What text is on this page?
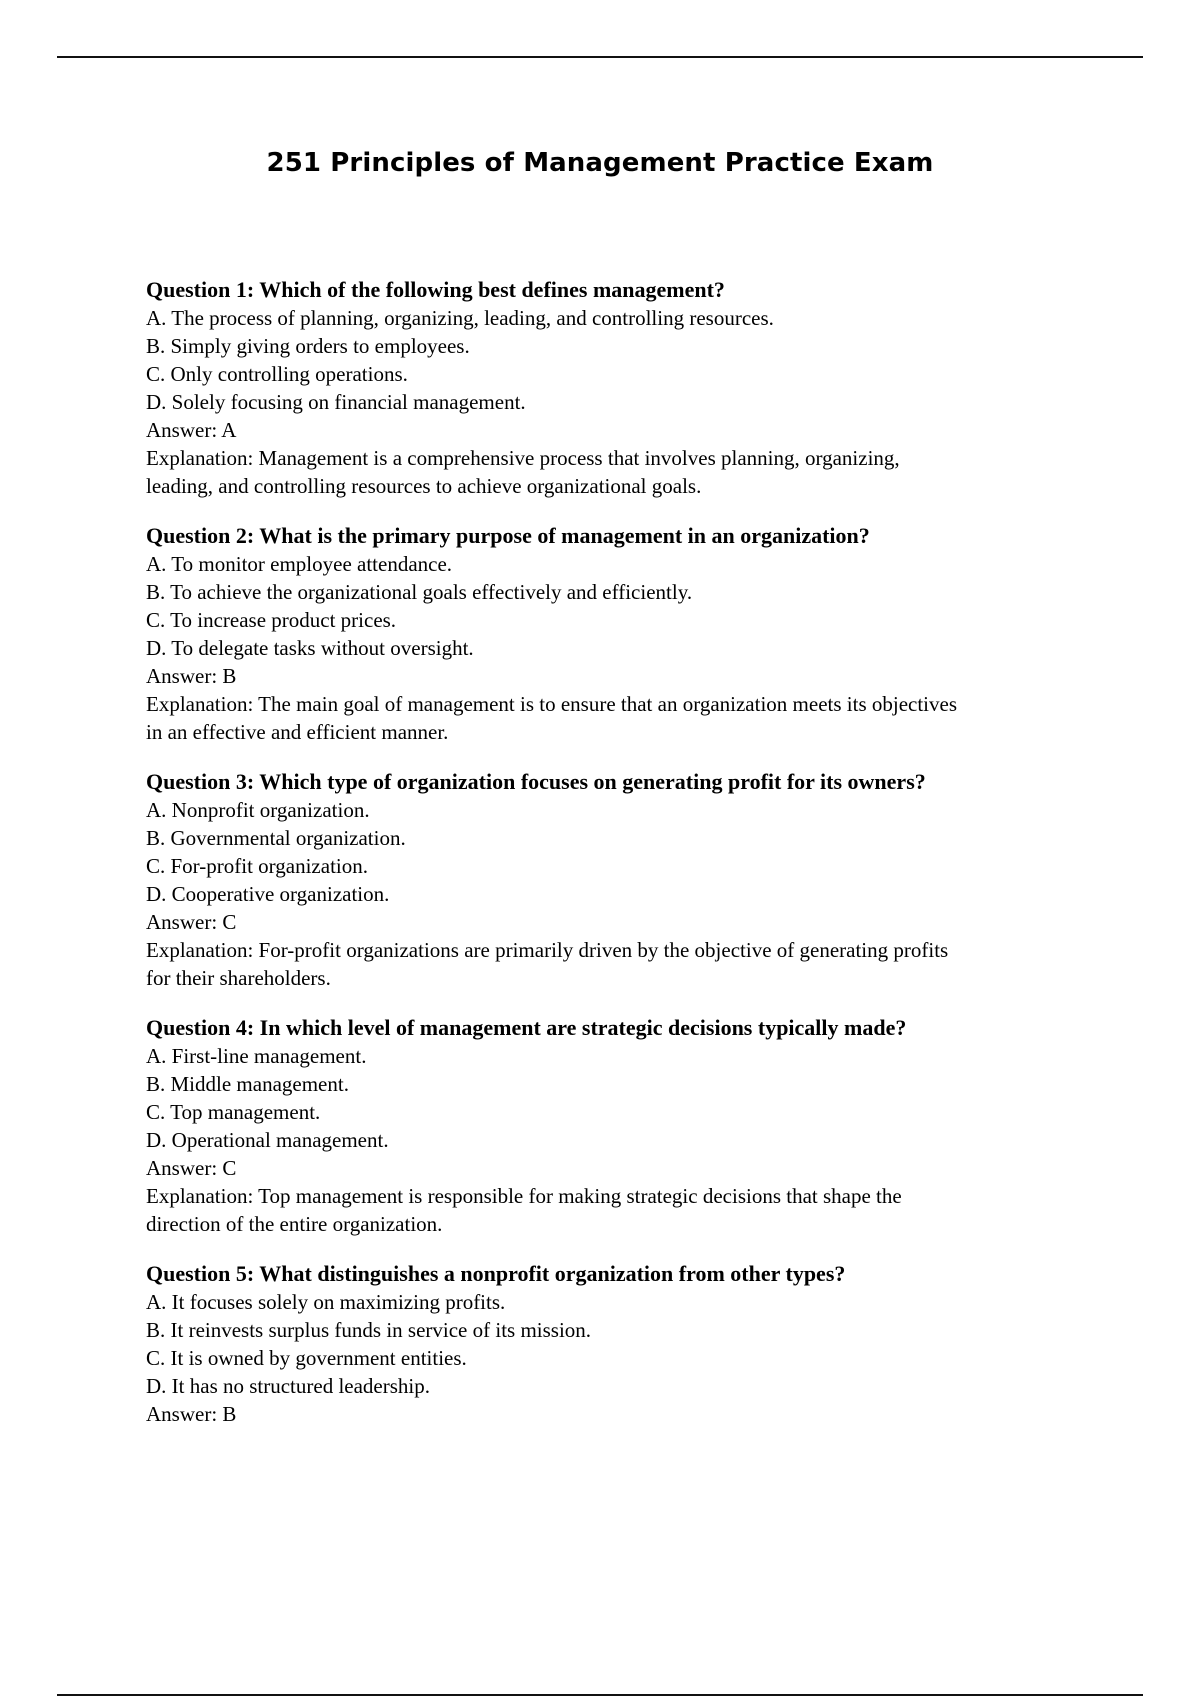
251 Principles of Management Practice Exam
Question 1: Which of the following best defines management?
A. The process of planning, organizing, leading, and controlling resources.
B. Simply giving orders to employees.
C. Only controlling operations.
D. Solely focusing on financial management.
Answer: A
Explanation: Management is a comprehensive process that involves planning, organizing,
leading, and controlling resources to achieve organizational goals.
Question 2: What is the primary purpose of management in an organization?
A. To monitor employee attendance.
B. To achieve the organizational goals effectively and efficiently.
C. To increase product prices.
D. To delegate tasks without oversight.
Answer: B
Explanation: The main goal of management is to ensure that an organization meets its objectives
in an effective and efficient manner.
Question 3: Which type of organization focuses on generating profit for its owners?
A. Nonprofit organization.
B. Governmental organization.
C. For-profit organization.
D. Cooperative organization.
Answer: C
Explanation: For-profit organizations are primarily driven by the objective of generating profits
for their shareholders.
Question 4: In which level of management are strategic decisions typically made?
A. First-line management.
B. Middle management.
C. Top management.
D. Operational management.
Answer: C
Explanation: Top management is responsible for making strategic decisions that shape the
direction of the entire organization.
Question 5: What distinguishes a nonprofit organization from other types?
A. It focuses solely on maximizing profits.
B. It reinvests surplus funds in service of its mission.
C. It is owned by government entities.
D. It has no structured leadership.
Answer: B
